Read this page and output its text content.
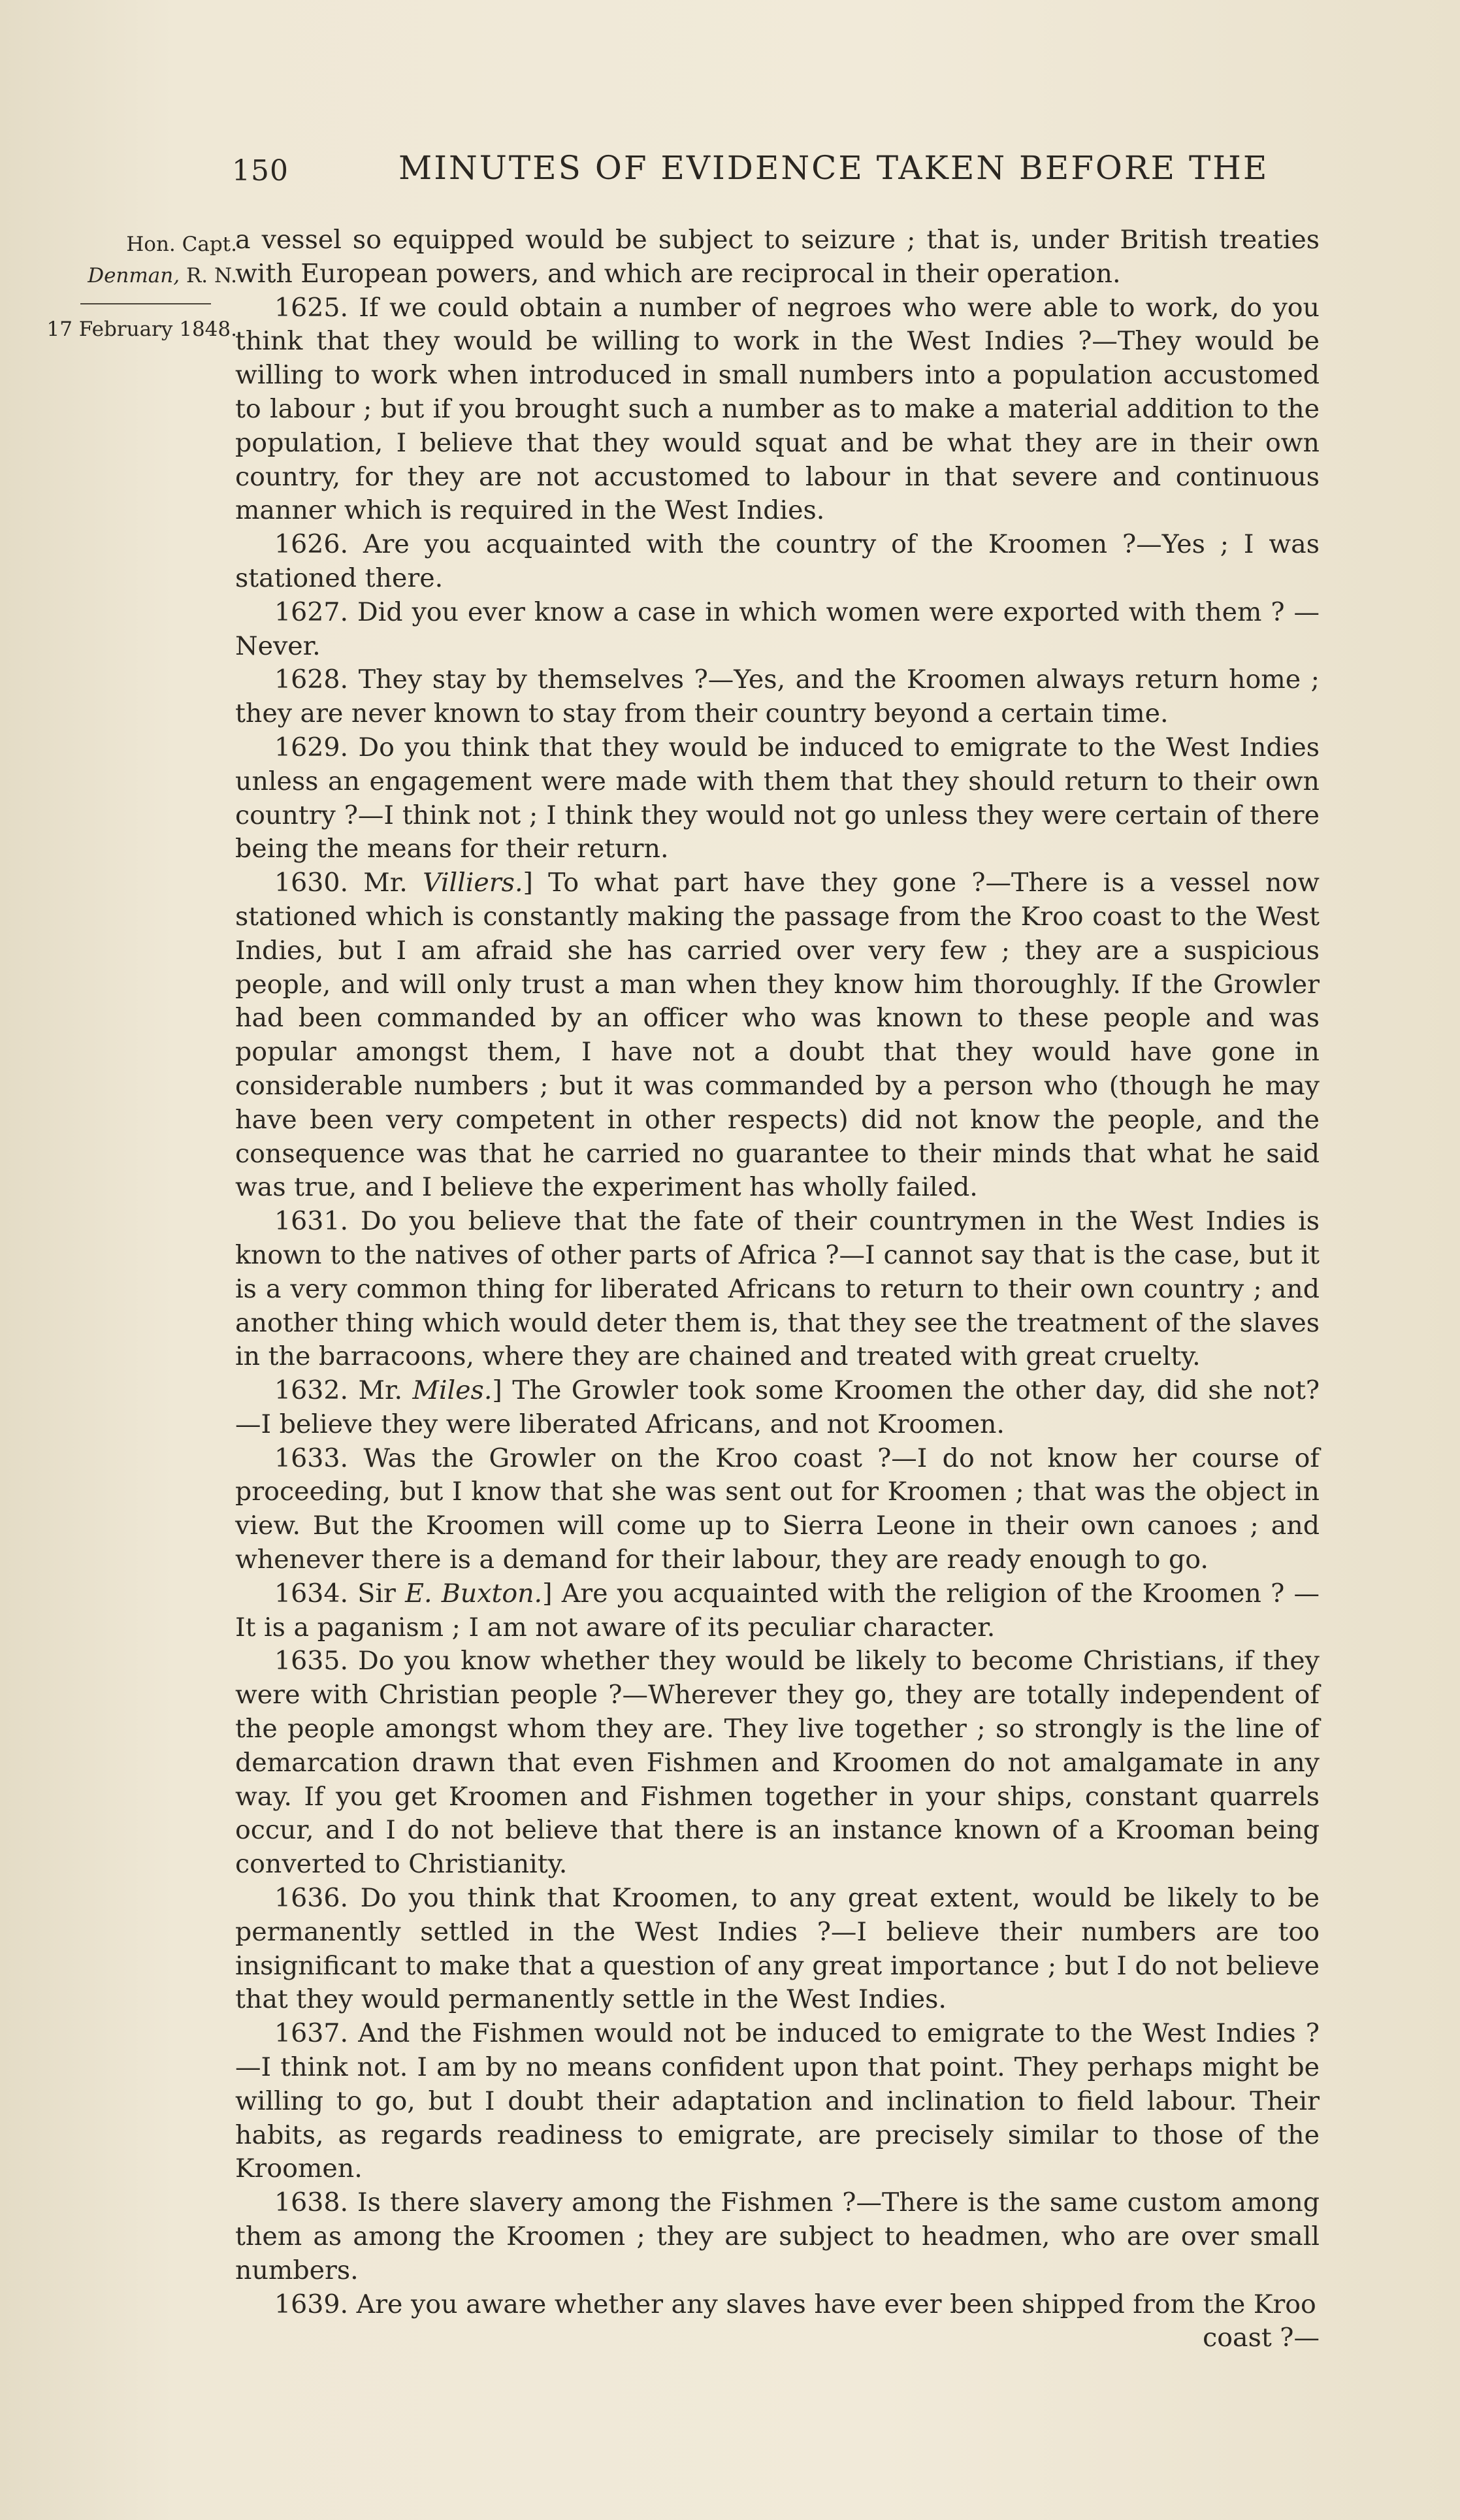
150	MINUTES OF EVIDENCE TAKEN BEFORE THE
Hon. Capt.
Denman, R. N.
17 February 1848.

a vessel so equipped would be subject to seizure ; that is, under British treaties with European powers, and which are reciprocal in their operation.

1625. If we could obtain a number of negroes who were able to work, do you think that they would be willing to work in the West Indies ?—They would be willing to work when introduced in small numbers into a population accustomed to labour ; but if you brought such a number as to make a material addition to the population, I believe that they would squat and be what they are in their own country, for they are not accustomed to labour in that severe and continuous manner which is required in the West Indies.

1626. Are you acquainted with the country of the Kroomen ?—Yes ; I was stationed there.

1627. Did you ever know a case in which women were exported with them ? —Never.

1628. They stay by themselves ?—Yes, and the Kroomen always return home ; they are never known to stay from their country beyond a certain time.

1629. Do you think that they would be induced to emigrate to the West Indies unless an engagement were made with them that they should return to their own country ?—I think not ; I think they would not go unless they were certain of there being the means for their return.

1630. Mr. Villiers.] To what part have they gone ?—There is a vessel now stationed which is constantly making the passage from the Kroo coast to the West Indies, but I am afraid she has carried over very few ; they are a suspicious people, and will only trust a man when they know him thoroughly. If the Growler had been commanded by an officer who was known to these people and was popular amongst them, I have not a doubt that they would have gone in considerable numbers ; but it was commanded by a person who (though he may have been very competent in other respects) did not know the people, and the consequence was that he carried no guarantee to their minds that what he said was true, and I believe the experiment has wholly failed.

1631. Do you believe that the fate of their countrymen in the West Indies is known to the natives of other parts of Africa ?—I cannot say that is the case, but it is a very common thing for liberated Africans to return to their own country ; and another thing which would deter them is, that they see the treatment of the slaves in the barracoons, where they are chained and treated with great cruelty.

1632. Mr. Miles.] The Growler took some Kroomen the other day, did she not? —I believe they were liberated Africans, and not Kroomen.

1633. Was the Growler on the Kroo coast ?—I do not know her course of proceeding, but I know that she was sent out for Kroomen ; that was the object in view. But the Kroomen will come up to Sierra Leone in their own canoes ; and whenever there is a demand for their labour, they are ready enough to go.

1634. Sir E. Buxton.] Are you acquainted with the religion of the Kroomen ? —It is a paganism ; I am not aware of its peculiar character.

1635. Do you know whether they would be likely to become Christians, if they were with Christian people ?—Wherever they go, they are totally independent of the people amongst whom they are. They live together ; so strongly is the line of demarcation drawn that even Fishmen and Kroomen do not amalgamate in any way. If you get Kroomen and Fishmen together in your ships, constant quarrels occur, and I do not believe that there is an instance known of a Krooman being converted to Christianity.

1636. Do you think that Kroomen, to any great extent, would be likely to be permanently settled in the West Indies ?—I believe their numbers are too insignificant to make that a question of any great importance ; but I do not believe that they would permanently settle in the West Indies.

1637. And the Fishmen would not be induced to emigrate to the West Indies ? —I think not. I am by no means confident upon that point. They perhaps might be willing to go, but I doubt their adaptation and inclination to field labour. Their habits, as regards readiness to emigrate, are precisely similar to those of the Kroomen.

1638. Is there slavery among the Fishmen ?—There is the same custom among them as among the Kroomen ; they are subject to headmen, who are over small numbers.

1639. Are you aware whether any slaves have ever been shipped from the Kroo

coast ?—
